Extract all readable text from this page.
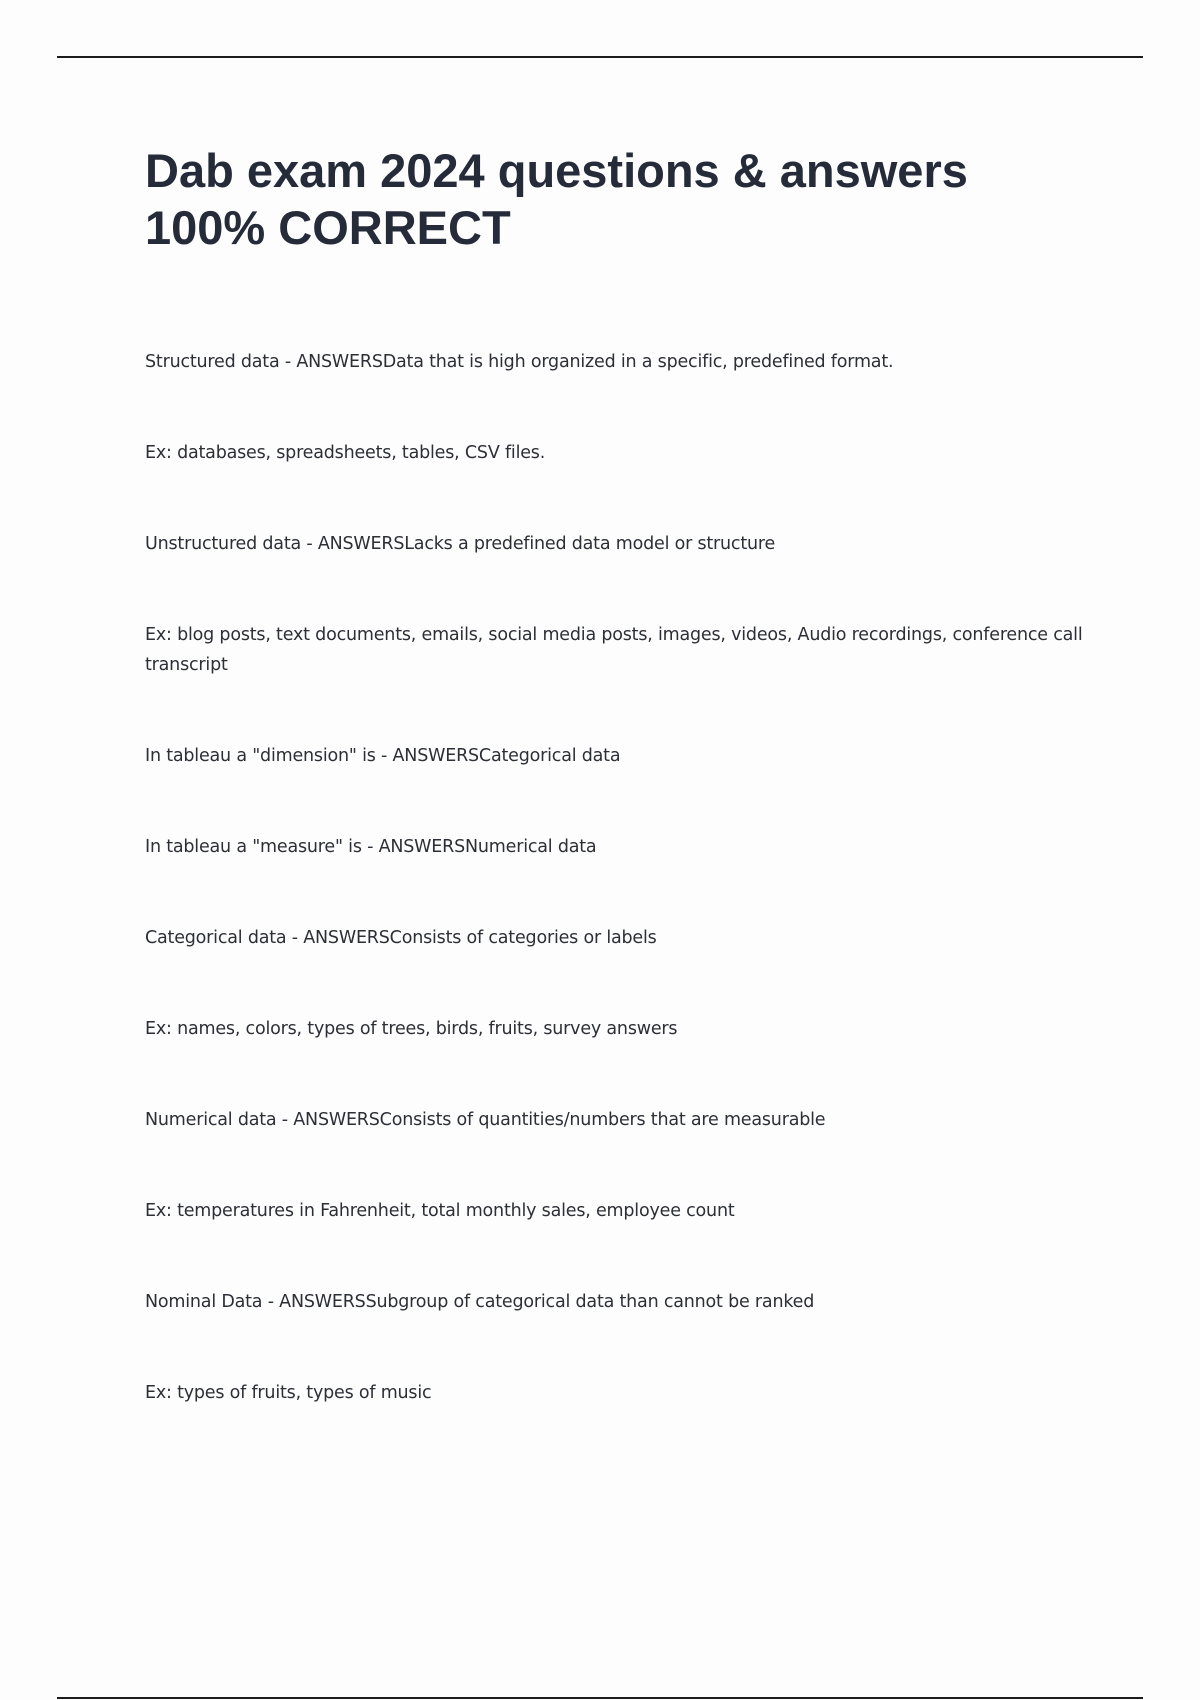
Dab exam 2024 questions & answers 100% CORRECT
Structured data - ANSWERSData that is high organized in a specific, predefined format.
Ex: databases, spreadsheets, tables, CSV files.
Unstructured data - ANSWERSLacks a predefined data model or structure
Ex: blog posts, text documents, emails, social media posts, images, videos, Audio recordings, conference call transcript
In tableau a "dimension" is - ANSWERSCategorical data
In tableau a "measure" is - ANSWERSNumerical data
Categorical data - ANSWERSConsists of categories or labels
Ex: names, colors, types of trees, birds, fruits, survey answers
Numerical data - ANSWERSConsists of quantities/numbers that are measurable
Ex: temperatures in Fahrenheit, total monthly sales, employee count
Nominal Data - ANSWERSSubgroup of categorical data than cannot be ranked
Ex: types of fruits, types of music
